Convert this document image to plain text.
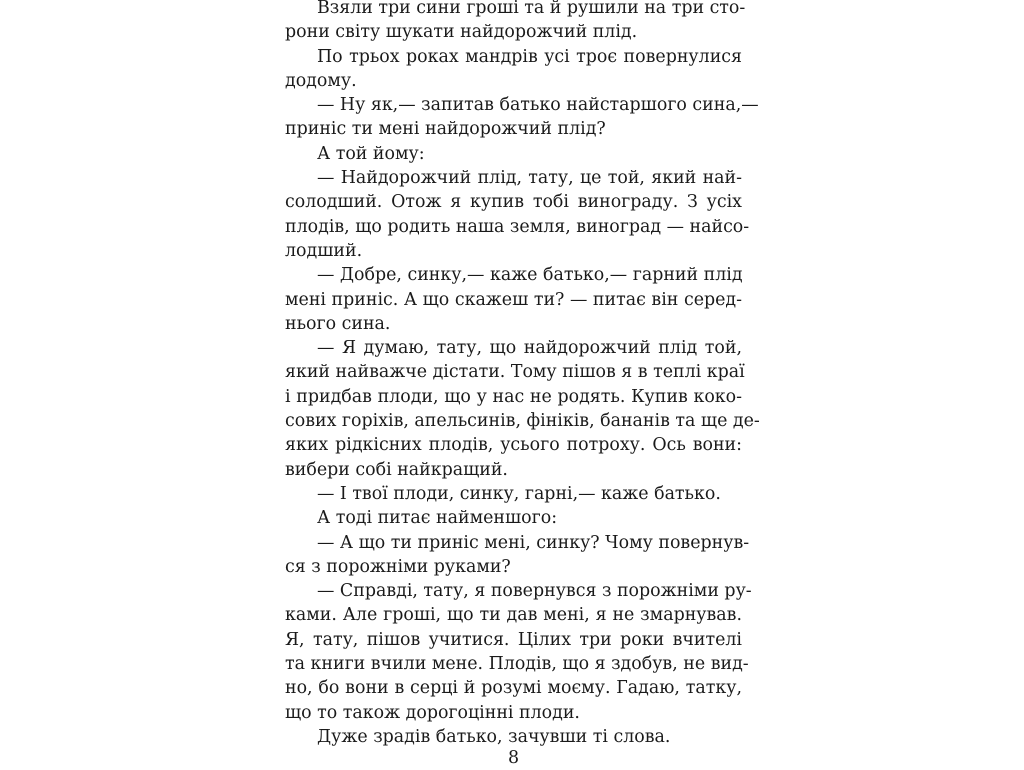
Взяли три сини гроші та й рушили на три сто-
рони світу шукати найдорожчий плід.
По трьох роках мандрів усі троє повернулися
додому.
— Ну як,— запитав батько найстаршого сина,—
приніс ти мені найдорожчий плід?
А той йому:
— Найдорожчий плід, тату, це той, який най-
солодший. Отож я купив тобі винограду. З усіх
плодів, що родить наша земля, виноград — найсо-
лодший.
— Добре, синку,— каже батько,— гарний плід
мені приніс. А що скажеш ти? — питає він серед-
нього сина.
— Я думаю, тату, що найдорожчий плід той,
який найважче дістати. Тому пішов я в теплі краї
і придбав плоди, що у нас не родять. Купив коко-
сових горіхів, апельсинів, фініків, бананів та ще де-
яких рідкісних плодів, усього потроху. Ось вони:
вибери собі найкращий.
— І твої плоди, синку, гарні,— каже батько.
А тоді питає найменшого:
— А що ти приніс мені, синку? Чому повернув-
ся з порожніми руками?
— Справді, тату, я повернувся з порожніми ру-
ками. Але гроші, що ти дав мені, я не змарнував.
Я, тату, пішов учитися. Цілих три роки вчителі
та книги вчили мене. Плодів, що я здобув, не вид-
но, бо вони в серці й розумі моєму. Гадаю, татку,
що то також дорогоцінні плоди.
Дуже зрадів батько, зачувши ті слова.
8
